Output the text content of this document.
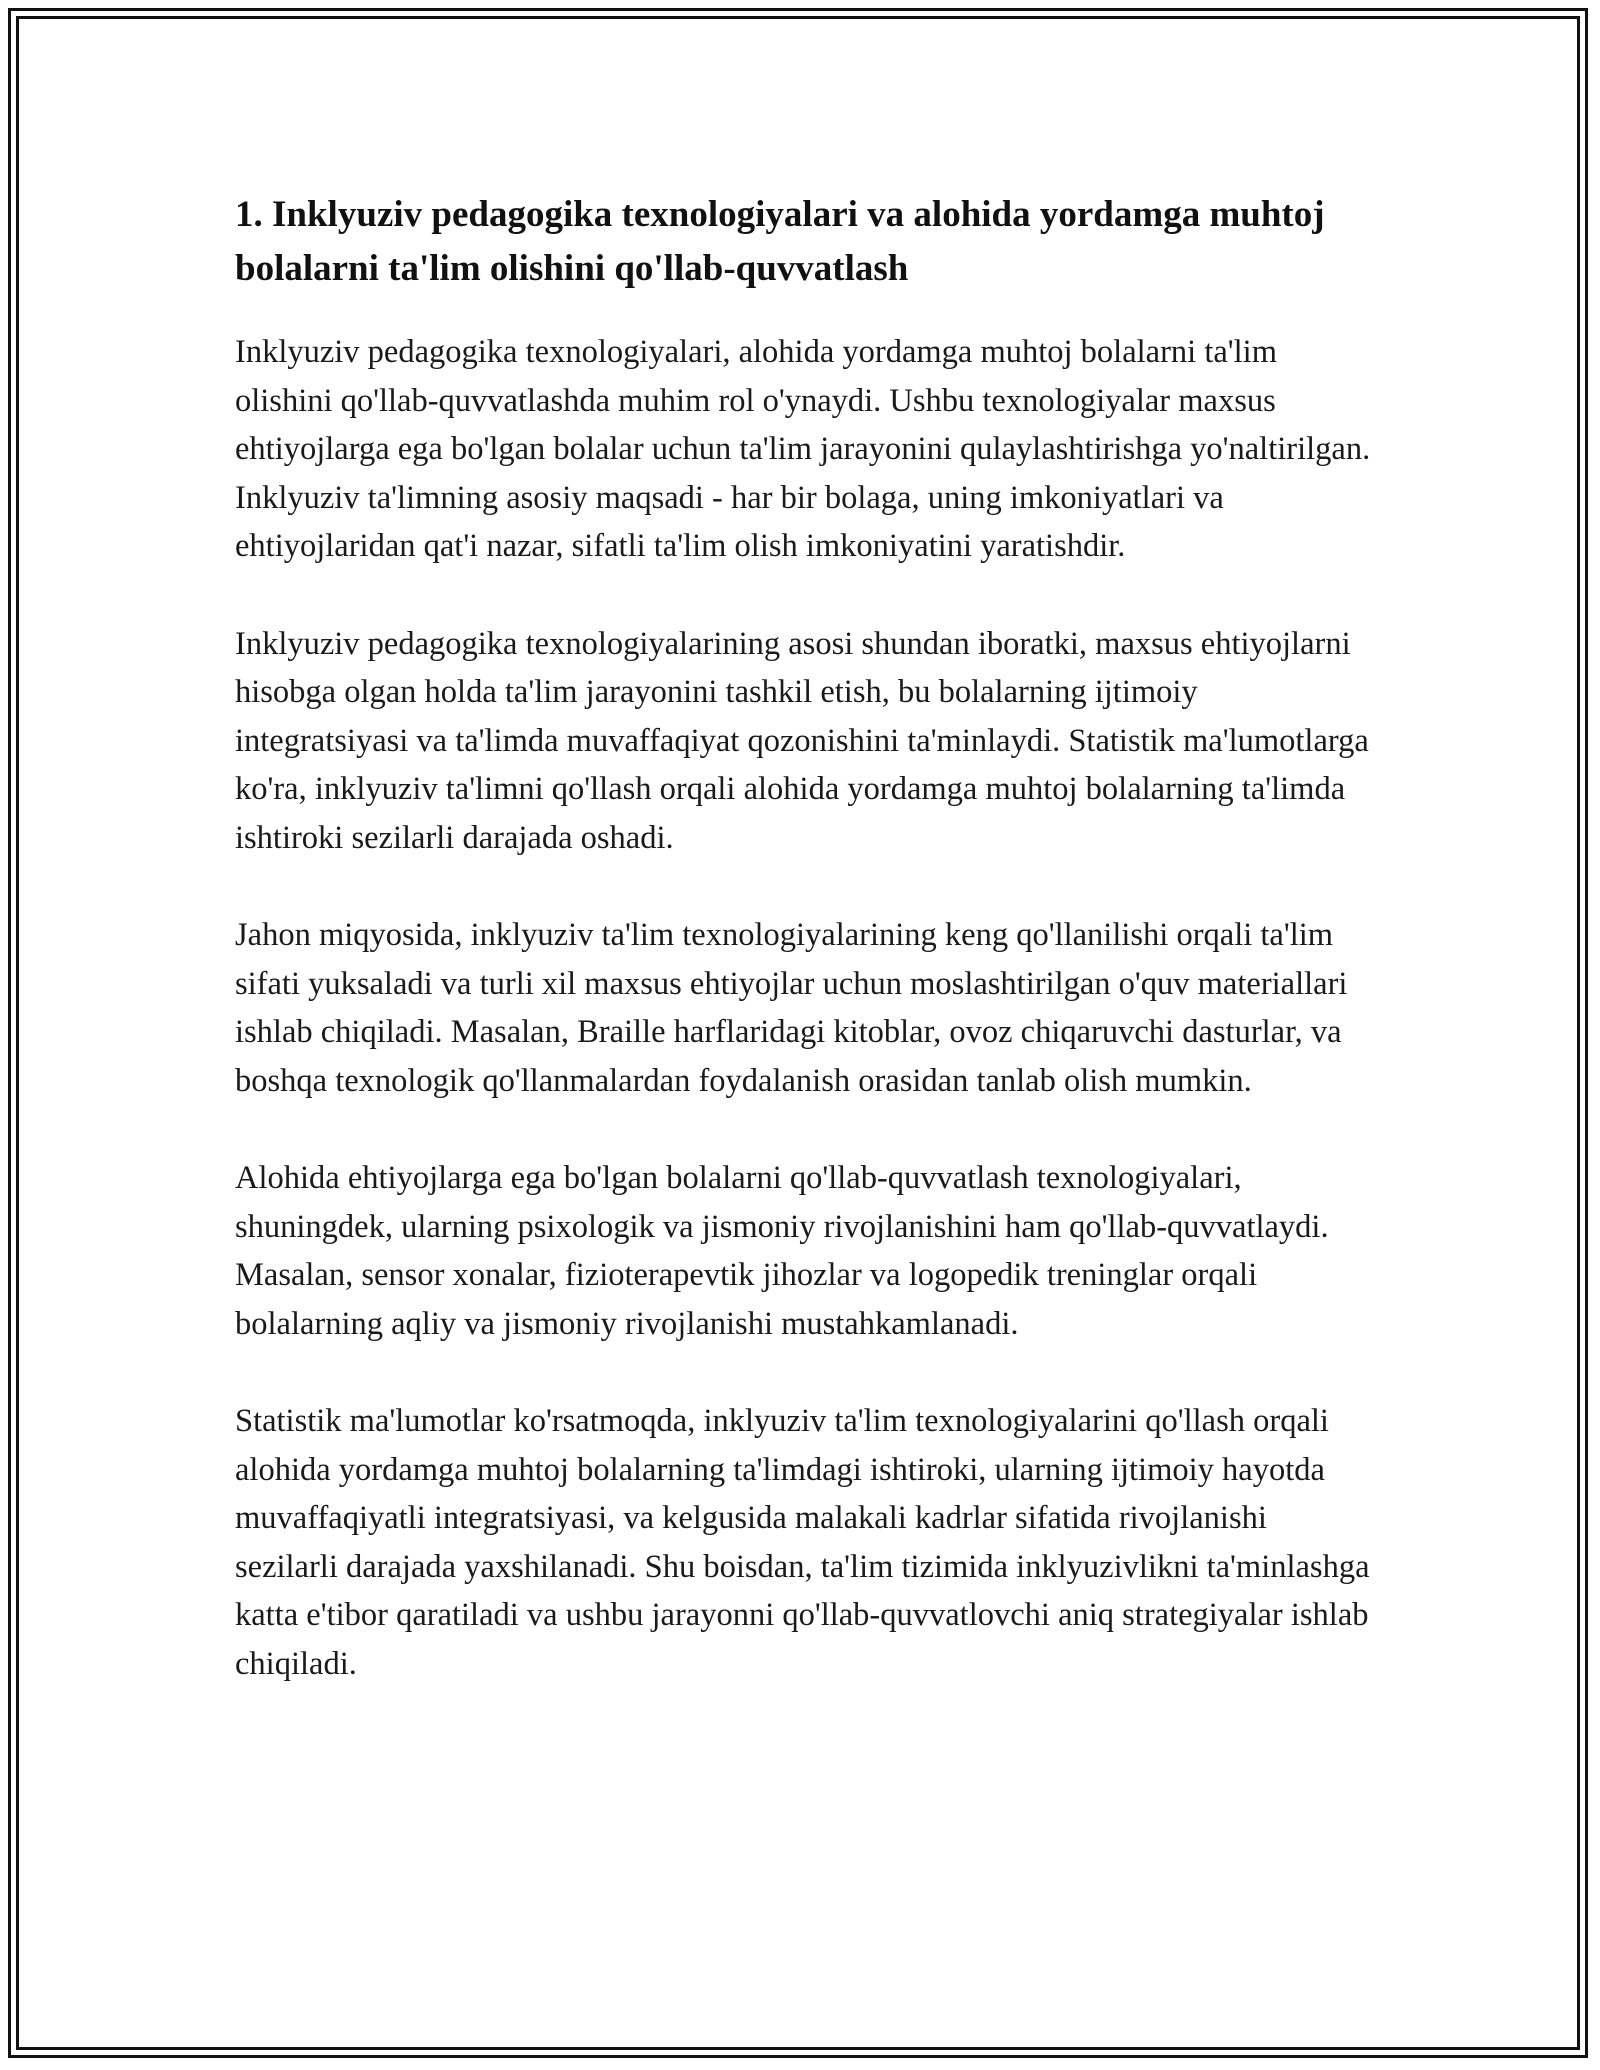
1. Inklyuziv pedagogika texnologiyalari va alohida yordamga muhtoj bolalarni ta'lim olishini qo'llab-quvvatlash

Inklyuziv pedagogika texnologiyalari, alohida yordamga muhtoj bolalarni ta'lim olishini qo'llab-quvvatlashda muhim rol o'ynaydi. Ushbu texnologiyalar maxsus ehtiyojlarga ega bo'lgan bolalar uchun ta'lim jarayonini qulaylashtirishga yo'naltirilgan. Inklyuziv ta'limning asosiy maqsadi - har bir bolaga, uning imkoniyatlari va ehtiyojlaridan qat'i nazar, sifatli ta'lim olish imkoniyatini yaratishdir.

Inklyuziv pedagogika texnologiyalarining asosi shundan iboratki, maxsus ehtiyojlarni hisobga olgan holda ta'lim jarayonini tashkil etish, bu bolalarning ijtimoiy integratsiyasi va ta'limda muvaffaqiyat qozonishini ta'minlaydi. Statistik ma'lumotlarga ko'ra, inklyuziv ta'limni qo'llash orqali alohida yordamga muhtoj bolalarning ta'limda ishtiroki sezilarli darajada oshadi.

Jahon miqyosida, inklyuziv ta'lim texnologiyalarining keng qo'llanilishi orqali ta'lim sifati yuksaladi va turli xil maxsus ehtiyojlar uchun moslashtirilgan o'quv materiallari ishlab chiqiladi. Masalan, Braille harflaridagi kitoblar, ovoz chiqaruvchi dasturlar, va boshqa texnologik qo'llanmalardan foydalanish orasidan tanlab olish mumkin.

Alohida ehtiyojlarga ega bo'lgan bolalarni qo'llab-quvvatlash texnologiyalari, shuningdek, ularning psixologik va jismoniy rivojlanishini ham qo'llab-quvvatlaydi. Masalan, sensor xonalar, fizioterapevtik jihozlar va logopedik treninglar orqali bolalarning aqliy va jismoniy rivojlanishi mustahkamlanadi.

Statistik ma'lumotlar ko'rsatmoqda, inklyuziv ta'lim texnologiyalarini qo'llash orqali alohida yordamga muhtoj bolalarning ta'limdagi ishtiroki, ularning ijtimoiy hayotda muvaffaqiyatli integratsiyasi, va kelgusida malakali kadrlar sifatida rivojlanishi sezilarli darajada yaxshilanadi. Shu boisdan, ta'lim tizimida inklyuzivlikni ta'minlashga katta e'tibor qaratiladi va ushbu jarayonni qo'llab-quvvatlovchi aniq strategiyalar ishlab chiqiladi.
